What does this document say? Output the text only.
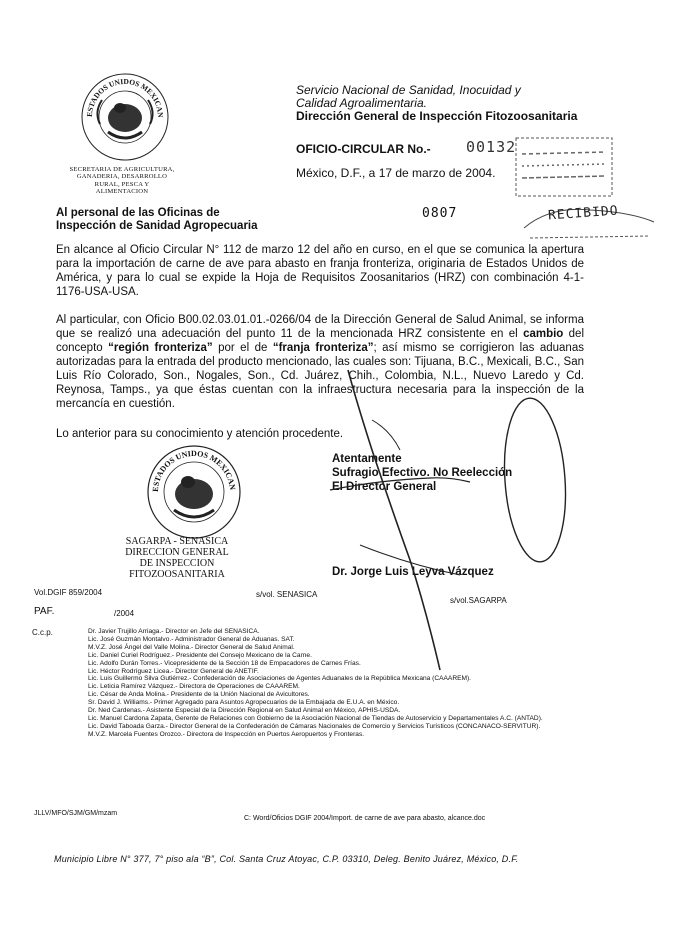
ESTADOS UNIDOS MEXICAN
SECRETARIA DE AGRICULTURA,
GANADERIA, DESARROLLO
RURAL, PESCA Y
ALIMENTACION
Servicio Nacional de Sanidad, Inocuidad y
Calidad Agroalimentaria.
Dirección General de Inspección Fitozoosanitaria
OFICIO-CIRCULAR No.- 00132
México, D.F., a 17 de marzo de 2004.
0807	RECIBIDO
Al personal de las Oficinas de
Inspección de Sanidad Agropecuaria
En alcance al Oficio Circular N° 112 de marzo 12 del año en curso, en el que se comunica la apertura para la importación de carne de ave para abasto en franja fronteriza, originaria de Estados Unidos de América, y para lo cual se expide la Hoja de Requisitos Zoosanitarios (HRZ) con combinación 4-1-1176-USA-USA.
Al particular, con Oficio B00.02.03.01.01.-0266/04 de la Dirección General de Salud Animal, se informa que se realizó una adecuación del punto 11 de la mencionada HRZ consistente en el cambio del concepto “región fronteriza” por el de “franja fronteriza”; así mismo se corrigieron las aduanas autorizadas para la entrada del producto mencionado, las cuales son: Tijuana, B.C., Mexicali, B.C., San Luis Río Colorado, Son., Nogales, Son., Cd. Juárez, Chih., Colombia, N.L., Nuevo Laredo y Cd. Reynosa, Tamps., ya que éstas cuentan con la infraestructura necesaria para la inspección de la mercancía en cuestión.
Lo anterior para su conocimiento y atención procedente.
Atentamente
Sufragio Efectivo. No Reelección
El Director General
Dr. Jorge Luis Leyva Vázquez
ESTADOS UNIDOS MEXICAN
SAGARPA - SENASICA
DIRECCION GENERAL
DE INSPECCION FITOZOOSANITARIA
Vol.DGIF 859/2004	s/vol. SENASICA
s/vol.SAGARPA
PAF.	/2004
C.c.p.	Dr. Javier Trujillo Arriaga.- Director en Jefe del SENASICA.
Lic. José Guzmán Montalvo.- Administrador General de Aduanas. SAT.
M.V.Z. José Ángel del Valle Molina.- Director General de Salud Animal.
Lic. Daniel Curiel Rodríguez.- Presidente del Consejo Mexicano de la Carne.
Lic. Adolfo Durán Torres.- Vicepresidente de la Sección 18 de Empacadores de Carnes Frías.
Lic. Héctor Rodríguez Licea.- Director General de ANETIF.
Lic. Luis Guillermo Silva Gutiérrez.- Confederación de Asociaciones de Agentes Aduanales de la República Mexicana (CAAAREM).
Lic. Leticia Ramírez Vázquez.- Directora de Operaciones de CAAAREM.
Lic. César de Anda Molina.- Presidente de la Unión Nacional de Avicultores.
Sr. David J. Williams.- Primer Agregado para Asuntos Agropecuarios de la Embajada de E.U.A. en México.
Dr. Ned Cardenas.- Asistente Especial de la Dirección Regional en Salud Animal en México, APHIS-USDA.
Lic. Manuel Cardona Zapata, Gerente de Relaciones con Gobierno de la Asociación Nacional de Tiendas de Autoservicio y Departamentales A.C. (ANTAD).
Lic. David Taboada Garza.- Director General de la Confederación de Cámaras Nacionales de Comercio y Servicios Turísticos (CONCANACO-SERVITUR).
M.V.Z. Marcela Fuentes Orozco.- Directora de Inspección en Puertos Aeropuertos y Fronteras.
JLLV/MFO/SJM/GM/mzam
C: Word/Oficios DGIF 2004/Import. de carne de ave para abasto, alcance.doc
Municipio Libre N° 377, 7° piso ala “B”, Col. Santa Cruz Atoyac, C.P. 03310, Deleg. Benito Juárez, México, D.F.
